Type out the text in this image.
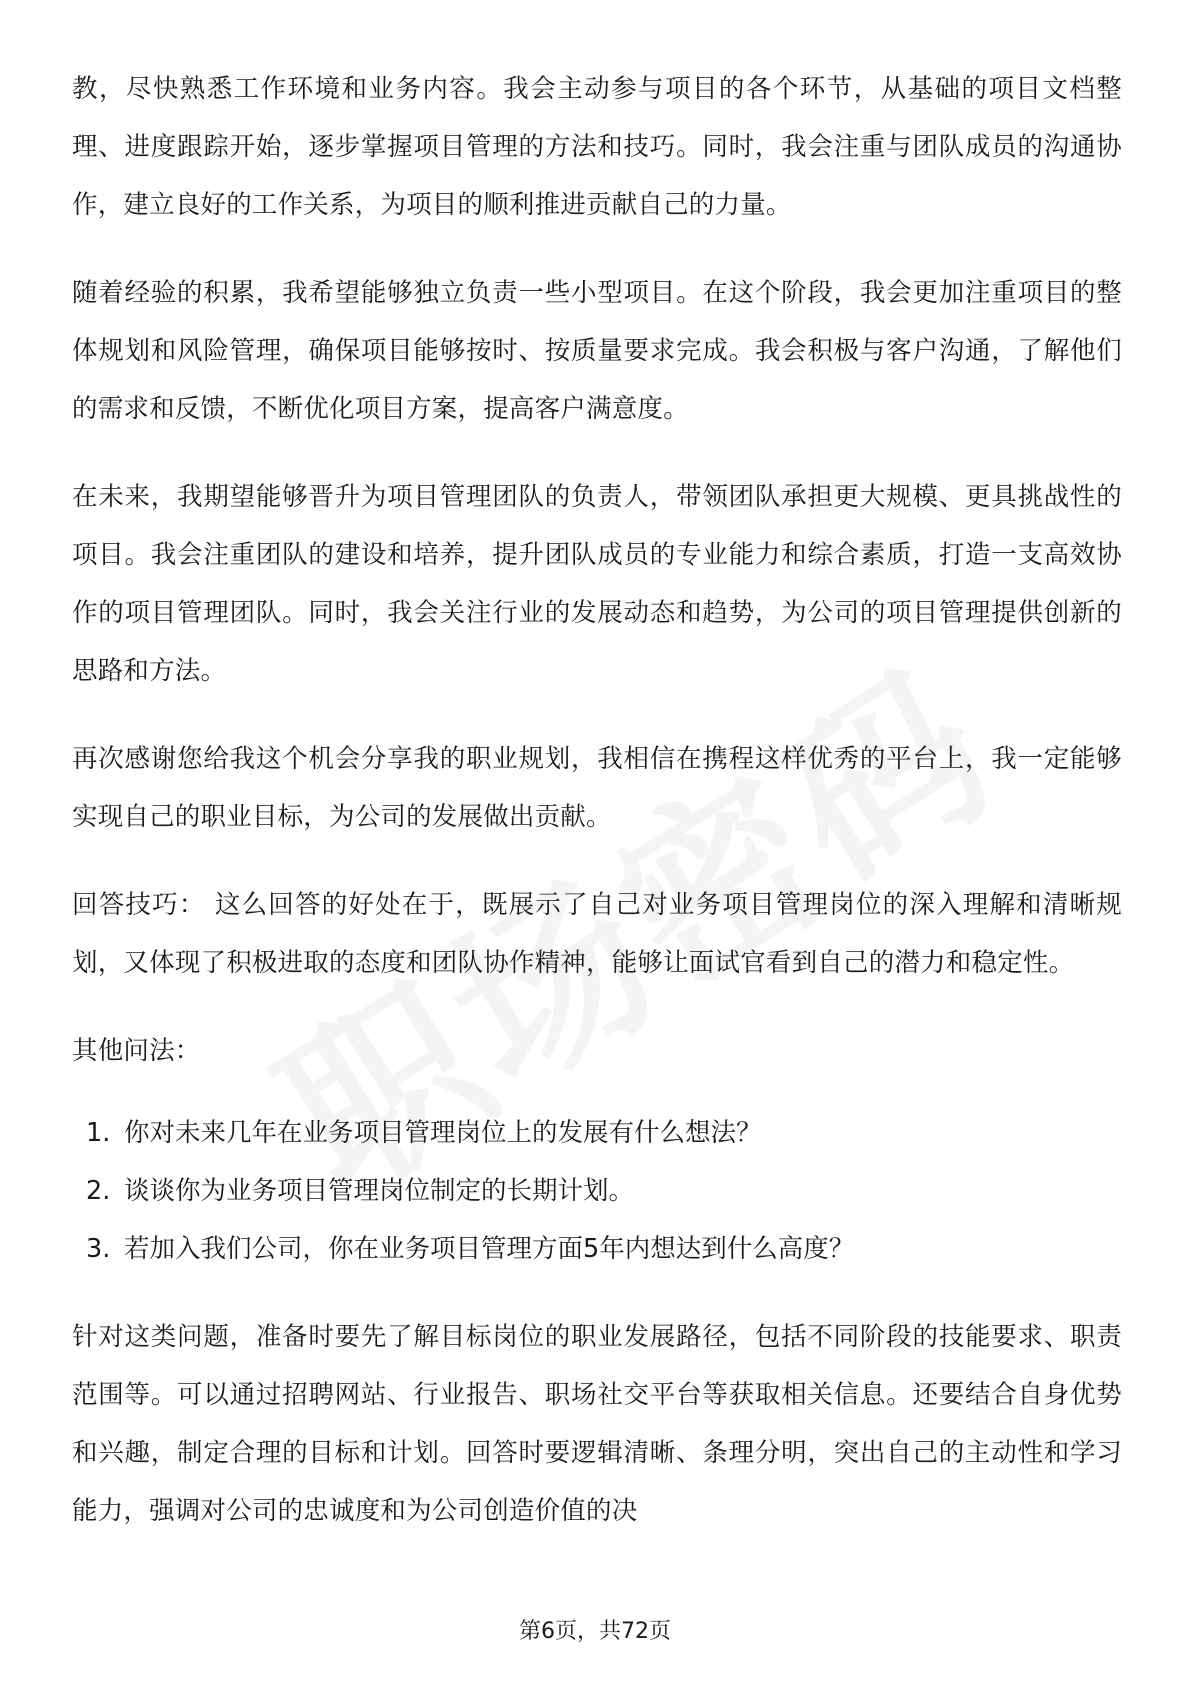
教，尽快熟悉工作环境和业务内容。我会主动参与项目的各个环节，从基础的项目文档整理、进度跟踪开始，逐步掌握项目管理的方法和技巧。同时，我会注重与团队成员的沟通协作，建立良好的工作关系，为项目的顺利推进贡献自己的力量。

随着经验的积累，我希望能够独立负责一些小型项目。在这个阶段，我会更加注重项目的整体规划和风险管理，确保项目能够按时、按质量要求完成。我会积极与客户沟通，了解他们的需求和反馈，不断优化项目方案，提高客户满意度。

在未来，我期望能够晋升为项目管理团队的负责人，带领团队承担更大规模、更具挑战性的项目。我会注重团队的建设和培养，提升团队成员的专业能力和综合素质，打造一支高效协作的项目管理团队。同时，我会关注行业的发展动态和趋势，为公司的项目管理提供创新的思路和方法。

再次感谢您给我这个机会分享我的职业规划，我相信在携程这样优秀的平台上，我一定能够实现自己的职业目标，为公司的发展做出贡献。

回答技巧： 这么回答的好处在于，既展示了自己对业务项目管理岗位的深入理解和清晰规划，又体现了积极进取的态度和团队协作精神，能够让面试官看到自己的潜力和稳定性。

其他问法：

1. 你对未来几年在业务项目管理岗位上的发展有什么想法？
2. 谈谈你为业务项目管理岗位制定的长期计划。
3. 若加入我们公司，你在业务项目管理方面5年内想达到什么高度？

针对这类问题，准备时要先了解目标岗位的职业发展路径，包括不同阶段的技能要求、职责范围等。可以通过招聘网站、行业报告、职场社交平台等获取相关信息。还要结合自身优势和兴趣，制定合理的目标和计划。回答时要逻辑清晰、条理分明，突出自己的主动性和学习能力，强调对公司的忠诚度和为公司创造价值的决

第6页，共72页
